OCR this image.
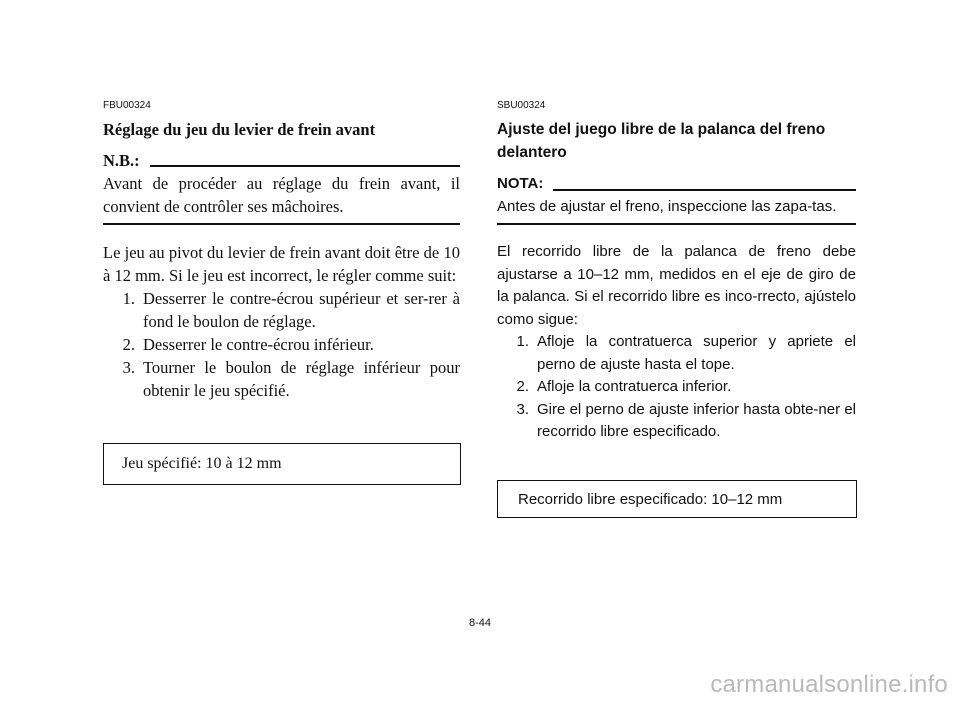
FBU00324
Réglage du jeu du levier de frein avant
N.B.:
Avant de procéder au réglage du frein avant, il convient de contrôler ses mâchoires.
Le jeu au pivot du levier de frein avant doit être de 10 à 12 mm. Si le jeu est incorrect, le régler comme suit:
1. Desserrer le contre-écrou supérieur et ser-rer à fond le boulon de réglage.
2. Desserrer le contre-écrou inférieur.
3. Tourner le boulon de réglage inférieur pour obtenir le jeu spécifié.
Jeu spécifié: 10 à 12 mm
SBU00324
Ajuste del juego libre de la palanca del freno delantero
NOTA:
Antes de ajustar el freno, inspeccione las zapa-tas.
El recorrido libre de la palanca de freno debe ajustarse a 10–12 mm, medidos en el eje de giro de la palanca. Si el recorrido libre es inco-rrecto, ajústelo como sigue:
1. Afloje la contratuerca superior y apriete el perno de ajuste hasta el tope.
2. Afloje la contratuerca inferior.
3. Gire el perno de ajuste inferior hasta obte-ner el recorrido libre especificado.
Recorrido libre especificado: 10–12 mm
8-44
carmanualsonline.info
